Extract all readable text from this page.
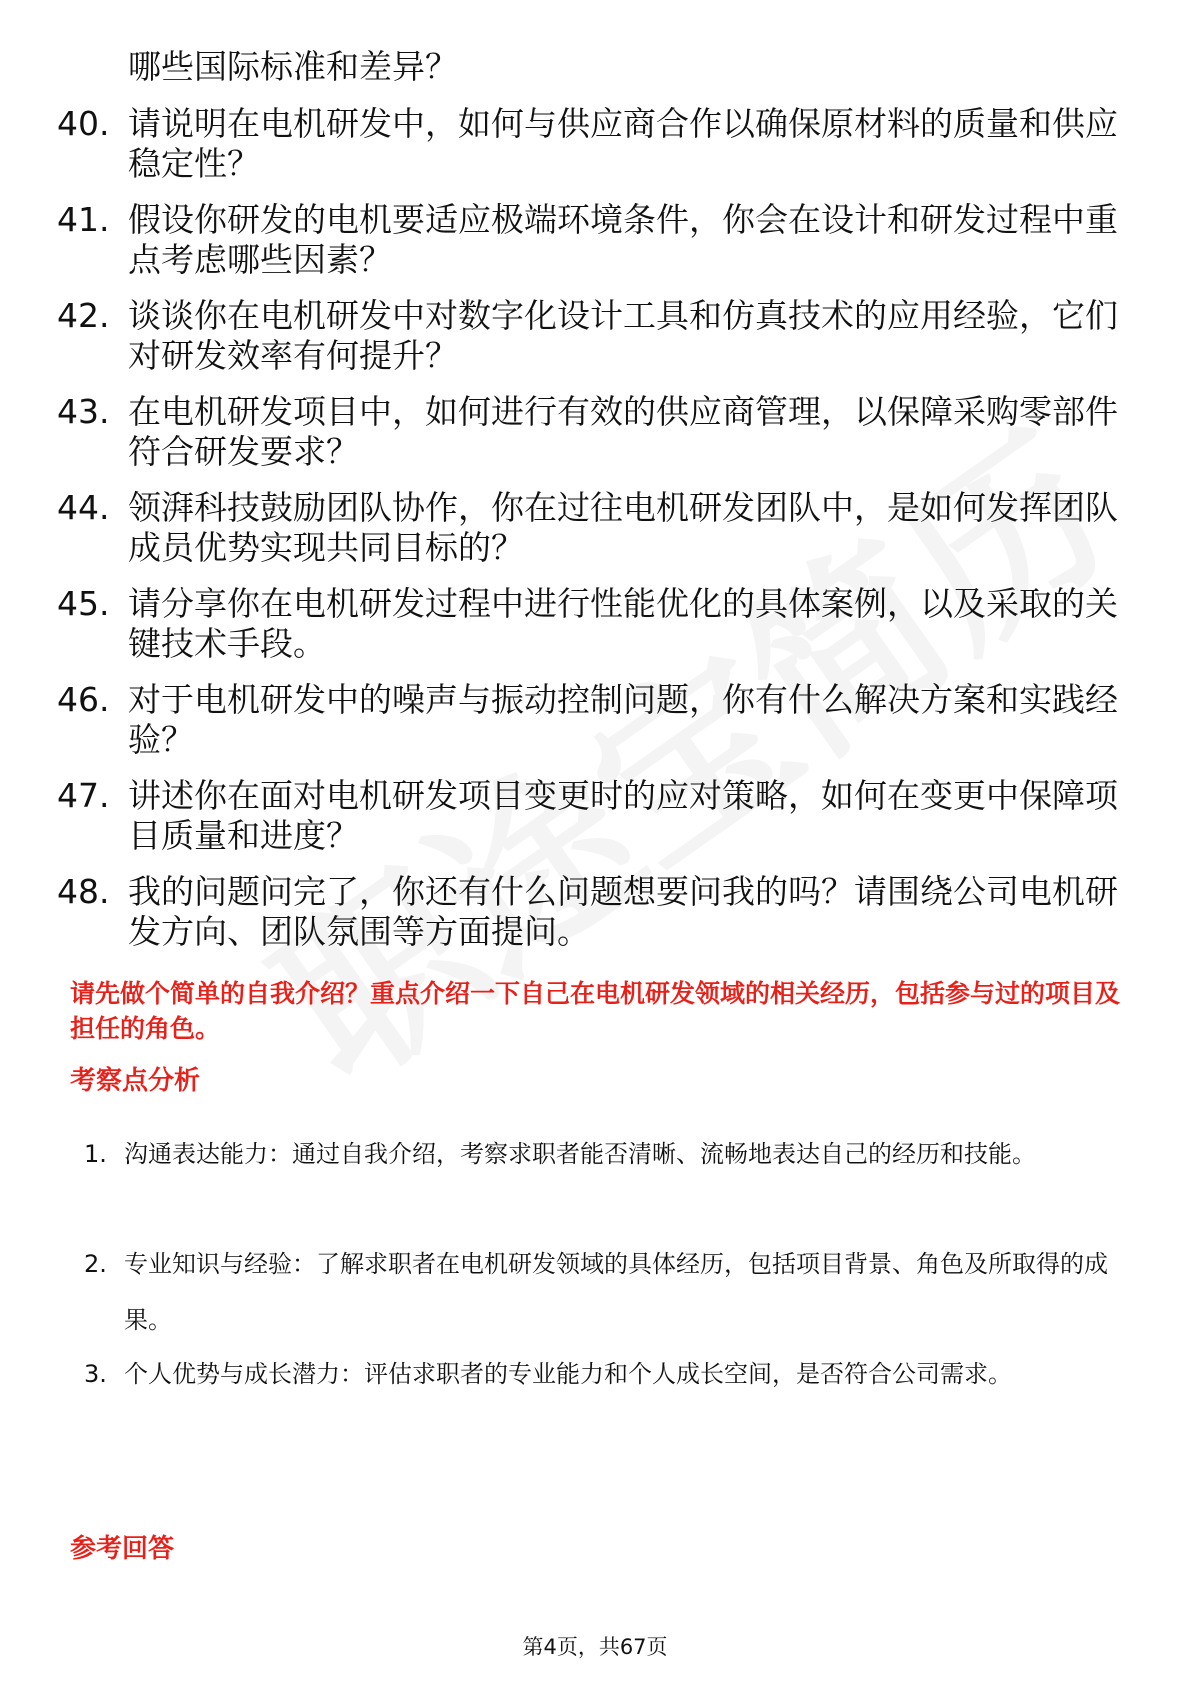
哪些国际标准和差异？
40. 请说明在电机研发中，如何与供应商合作以确保原材料的质量和供应稳定性？
41. 假设你研发的电机要适应极端环境条件，你会在设计和研发过程中重点考虑哪些因素？
42. 谈谈你在电机研发中对数字化设计工具和仿真技术的应用经验，它们对研发效率有何提升？
43. 在电机研发项目中，如何进行有效的供应商管理，以保障采购零部件符合研发要求？
44. 领湃科技鼓励团队协作，你在过往电机研发团队中，是如何发挥团队成员优势实现共同目标的？
45. 请分享你在电机研发过程中进行性能优化的具体案例，以及采取的关键技术手段。
46. 对于电机研发中的噪声与振动控制问题，你有什么解决方案和实践经验？
47. 讲述你在面对电机研发项目变更时的应对策略，如何在变更中保障项目质量和进度？
48. 我的问题问完了，你还有什么问题想要问我的吗？请围绕公司电机研发方向、团队氛围等方面提问。
请先做个简单的自我介绍？重点介绍一下自己在电机研发领域的相关经历，包括参与过的项目及担任的角色。
考察点分析
1. 沟通表达能力：通过自我介绍，考察求职者能否清晰、流畅地表达自己的经历和技能。
2. 专业知识与经验：了解求职者在电机研发领域的具体经历，包括项目背景、角色及所取得的成果。
3. 个人优势与成长潜力：评估求职者的专业能力和个人成长空间，是否符合公司需求。
参考回答
第4页，共67页
